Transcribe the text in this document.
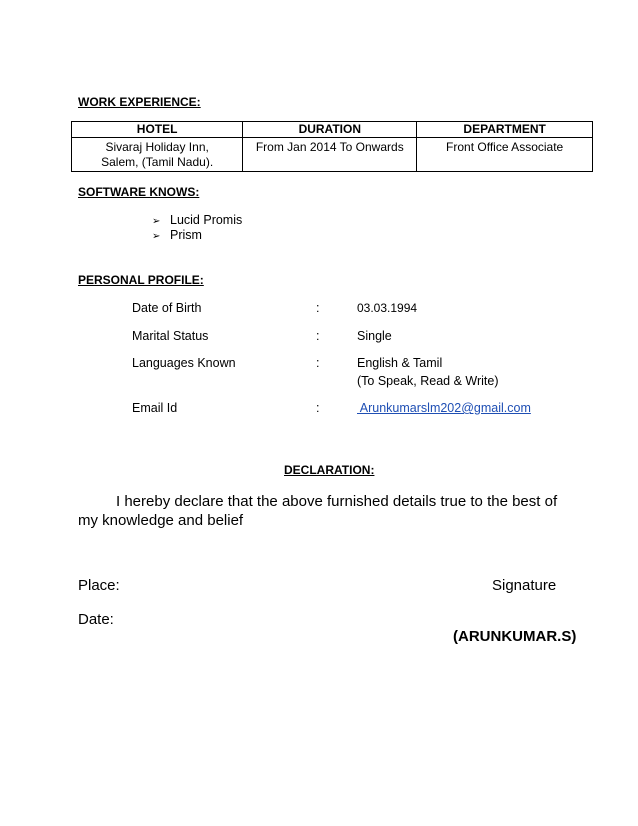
WORK EXPERIENCE:
HOTEL	DURATION	DEPARTMENT

Sivaraj Holiday Inn,
Salem, (Tamil Nadu).	From Jan 2014 To Onwards	Front Office Associate
SOFTWARE KNOWS:
➢ Lucid Promis
➢ Prism
PERSONAL PROFILE:
Date of Birth	:	03.03.1994
Marital Status	:	Single
Languages Known	:	English & Tamil
(To Speak, Read & Write)
Email Id	:	Arunkumarslm202@gmail.com
DECLARATION:
I hereby declare that the above furnished details true to the best of my knowledge and belief
Place:	Signature
Date:
(ARUNKUMAR.S)
